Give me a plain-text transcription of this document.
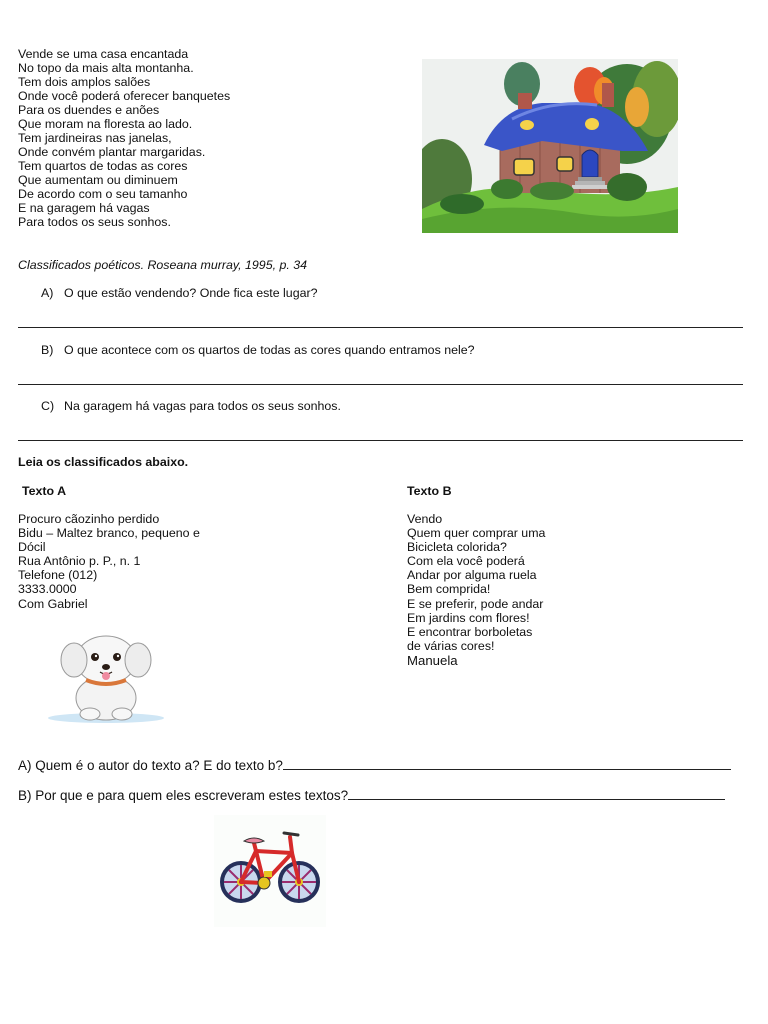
Vende se uma casa encantada
No topo da mais alta montanha.
Tem dois amplos salões
Onde você poderá oferecer banquetes
Para os duendes e anões
Que moram na floresta ao lado.
Tem jardineiras nas janelas,
Onde convém plantar margaridas.
Tem quartos de todas as cores
Que aumentam ou diminuem
De acordo com o seu tamanho
E na garagem há vagas
Para todos os seus sonhos.
Classificados poéticos. Roseana murray, 1995, p. 34
A) O que estão vendendo? Onde fica este lugar?
B) O que acontece com os quartos de todas as cores quando entramos nele?
C) Na garagem há vagas para todos os seus sonhos.
Leia os classificados abaixo.
Texto A
Procuro cãozinho perdido
Bidu – Maltez branco, pequeno e
Dócil
Rua Antônio p. P., n. 1
Telefone (012)
3333.0000
Com Gabriel
Texto B
Vendo
Quem quer comprar uma
Bicicleta colorida?
Com ela você poderá
Andar por alguma ruela
Bem comprida!
E se preferir, pode andar
Em jardins com flores!
E encontrar borboletas
de várias cores!
Manuela
A) Quem é o autor do texto a? E do texto b?
B) Por que e para quem eles escreveram estes textos?
